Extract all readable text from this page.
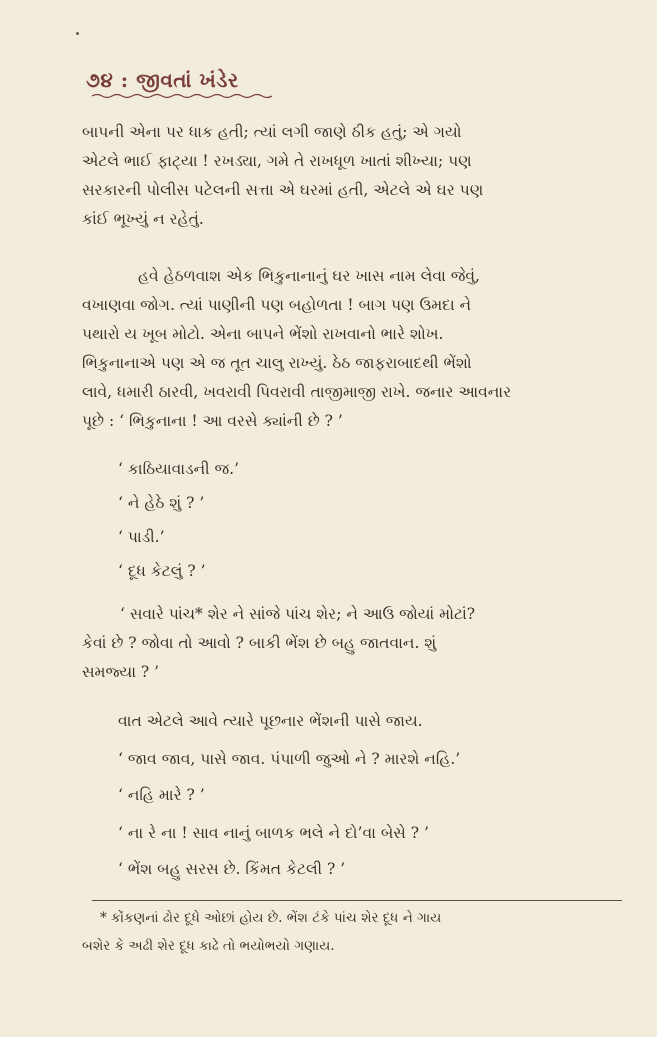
૭૪ : જીવતાં ખંડેર

બાપની એના પર ધાક હતી; ત્યાં લગી જાણે ઠીક હતું; એ ગયો

એટલે ભાઈ ફાટ્યા ! રખડ્યા, ગમે તે રાખધૂળ ખાતાં શીખ્યા; પણ

સરકારની પોલીસ પટેલની સત્તા એ ઘરમાં હતી, એટલે એ ઘર પણ

કાંઈ ભૂખ્યું ન રહેતું.

હવે હેઠળવાશ એક ભિકુનાનાનું ઘર ખાસ નામ લેવા જેવું,

વખાણવા જોગ. ત્યાં પાણીની પણ બહોળતા ! બાગ પણ ઉમદા ને

પથારો ય ખૂબ મોટો. એના બાપને ભેંશો રાખવાનો ભારે શોખ.

ભિકુનાનાએ પણ એ જ તૂત ચાલુ રાખ્યું. ઠેઠ જાફરાબાદથી ભેંશો

લાવે, ધમારી ઠારવી, ખવરાવી પિવરાવી તાજીમાજી રાખે. જનાર આવનાર

પૂછે : ‘ ભિકુનાના ! આ વરસે ક્યાંની છે ? ’

‘ કાઠિયાવાડની જ.’
‘ ને હેઠે શું ? ’
‘ પાડી.’
‘ દૂધ કેટલું ? ’

‘ સવારે પાંચ* શેર ને સાંજે પાંચ શેર; ને આઉ જોયાં મોટાં?

કેવાં છે ? જોવા તો આવો ? બાકી ભેંશ છે બહુ જાતવાન. શું

સમજ્યા ? ’

વાત એટલે આવે ત્યારે પૂછનાર ભેંશની પાસે જાય.
‘ જાવ જાવ, પાસે જાવ. પંપાળી જુઓ ને ? મારશે નહિ.’
‘ નહિ મારે ? ’
‘ ના રે ના ! સાવ નાનું બાળક ભલે ને દો’વા બેસે ? ’
‘ ભેંશ બહુ સરસ છે. કિંમત કેટલી ? ’

* કોંકણનાં ઢોર દૂધે ઓછાં હોય છે. ભેંશ ટંકે પાંચ શેર દૂધ ને ગાય

બશેર કે અઢી શેર દૂધ કાઢે તો ભયોભયો ગણાય.
